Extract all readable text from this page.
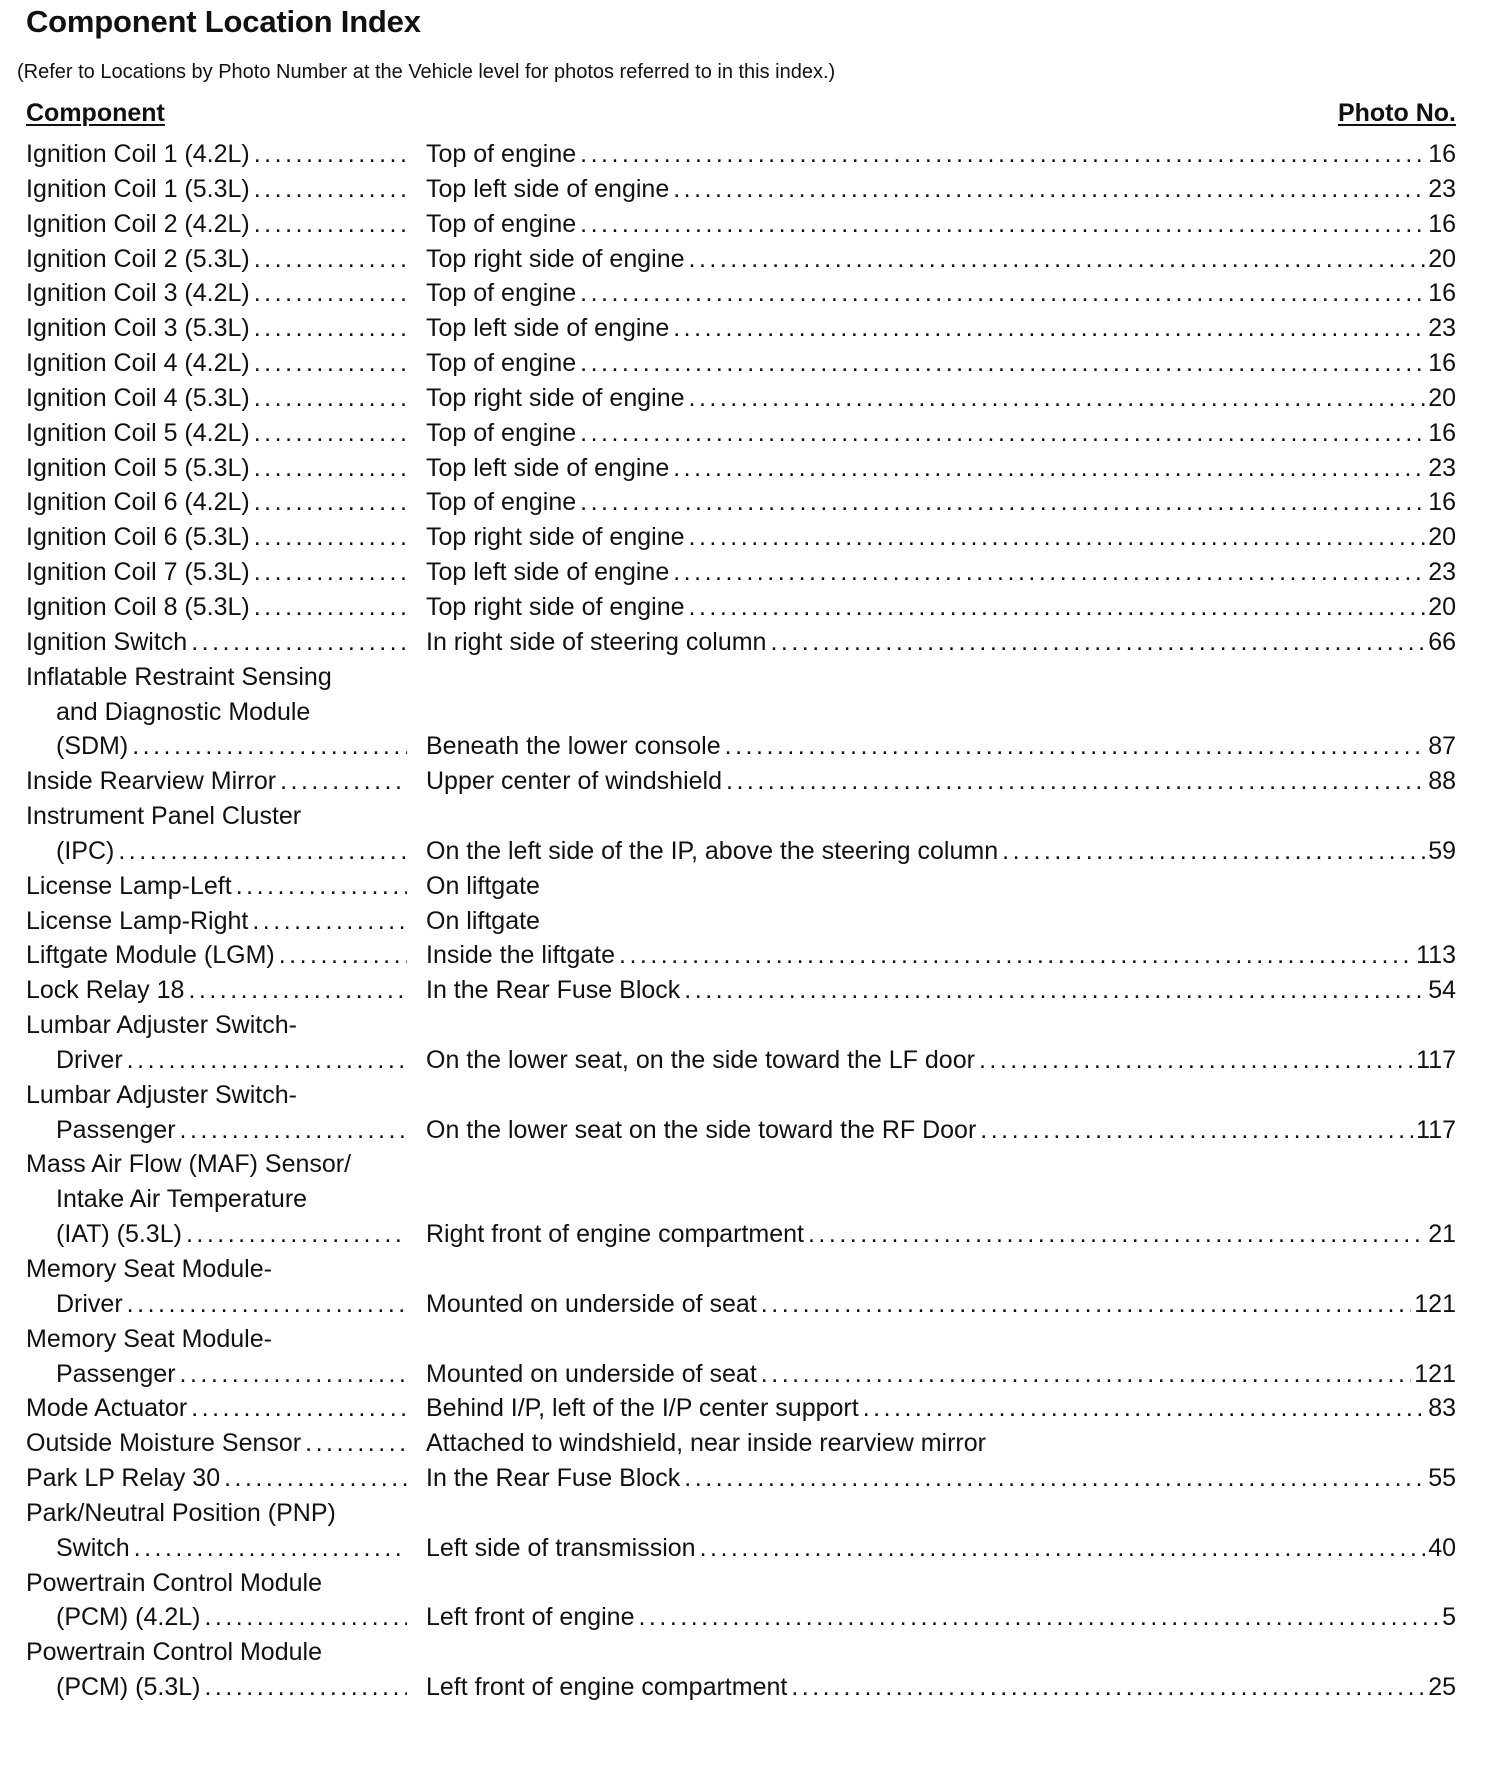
Component Location Index
(Refer to Locations by Photo Number at the Vehicle level for photos referred to in this index.)
Component	Photo No.
Ignition Coil 1 (4.2L) .....	Top of engine .....	16
Ignition Coil 1 (5.3L) .....	Top left side of engine .....	23
Ignition Coil 2 (4.2L) .....	Top of engine .....	16
Ignition Coil 2 (5.3L) .....	Top right side of engine .....	20
Ignition Coil 3 (4.2L) .....	Top of engine .....	16
Ignition Coil 3 (5.3L) .....	Top left side of engine .....	23
Ignition Coil 4 (4.2L) .....	Top of engine .....	16
Ignition Coil 4 (5.3L) .....	Top right side of engine .....	20
Ignition Coil 5 (4.2L) .....	Top of engine .....	16
Ignition Coil 5 (5.3L) .....	Top left side of engine .....	23
Ignition Coil 6 (4.2L) .....	Top of engine .....	16
Ignition Coil 6 (5.3L) .....	Top right side of engine .....	20
Ignition Coil 7 (5.3L) .....	Top left side of engine .....	23
Ignition Coil 8 (5.3L) .....	Top right side of engine .....	20
Ignition Switch .....	In right side of steering column .....	66
Inflatable Restraint Sensing
and Diagnostic Module
(SDM) .....	Beneath the lower console .....	87
Inside Rearview Mirror .....	Upper center of windshield .....	88
Instrument Panel Cluster
(IPC) .....	On the left side of the IP, above the steering column .....	59
License Lamp-Left .....	On liftgate
License Lamp-Right .....	On liftgate
Liftgate Module (LGM) .....	Inside the liftgate .....	113
Lock Relay 18 .....	In the Rear Fuse Block .....	54
Lumbar Adjuster Switch-
Driver .....	On the lower seat, on the side toward the LF door .....	117
Lumbar Adjuster Switch-
Passenger .....	On the lower seat on the side toward the RF Door .....	117
Mass Air Flow (MAF) Sensor/
Intake Air Temperature
(IAT) (5.3L) .....	Right front of engine compartment .....	21
Memory Seat Module-
Driver .....	Mounted on underside of seat .....	121
Memory Seat Module-
Passenger .....	Mounted on underside of seat .....	121
Mode Actuator .....	Behind I/P, left of the I/P center support .....	83
Outside Moisture Sensor .....	Attached to windshield, near inside rearview mirror
Park LP Relay 30 .....	In the Rear Fuse Block .....	55
Park/Neutral Position (PNP)
Switch .....	Left side of transmission .....	40
Powertrain Control Module
(PCM) (4.2L) .....	Left front of engine .....	5
Powertrain Control Module
(PCM) (5.3L) .....	Left front of engine compartment .....	25
